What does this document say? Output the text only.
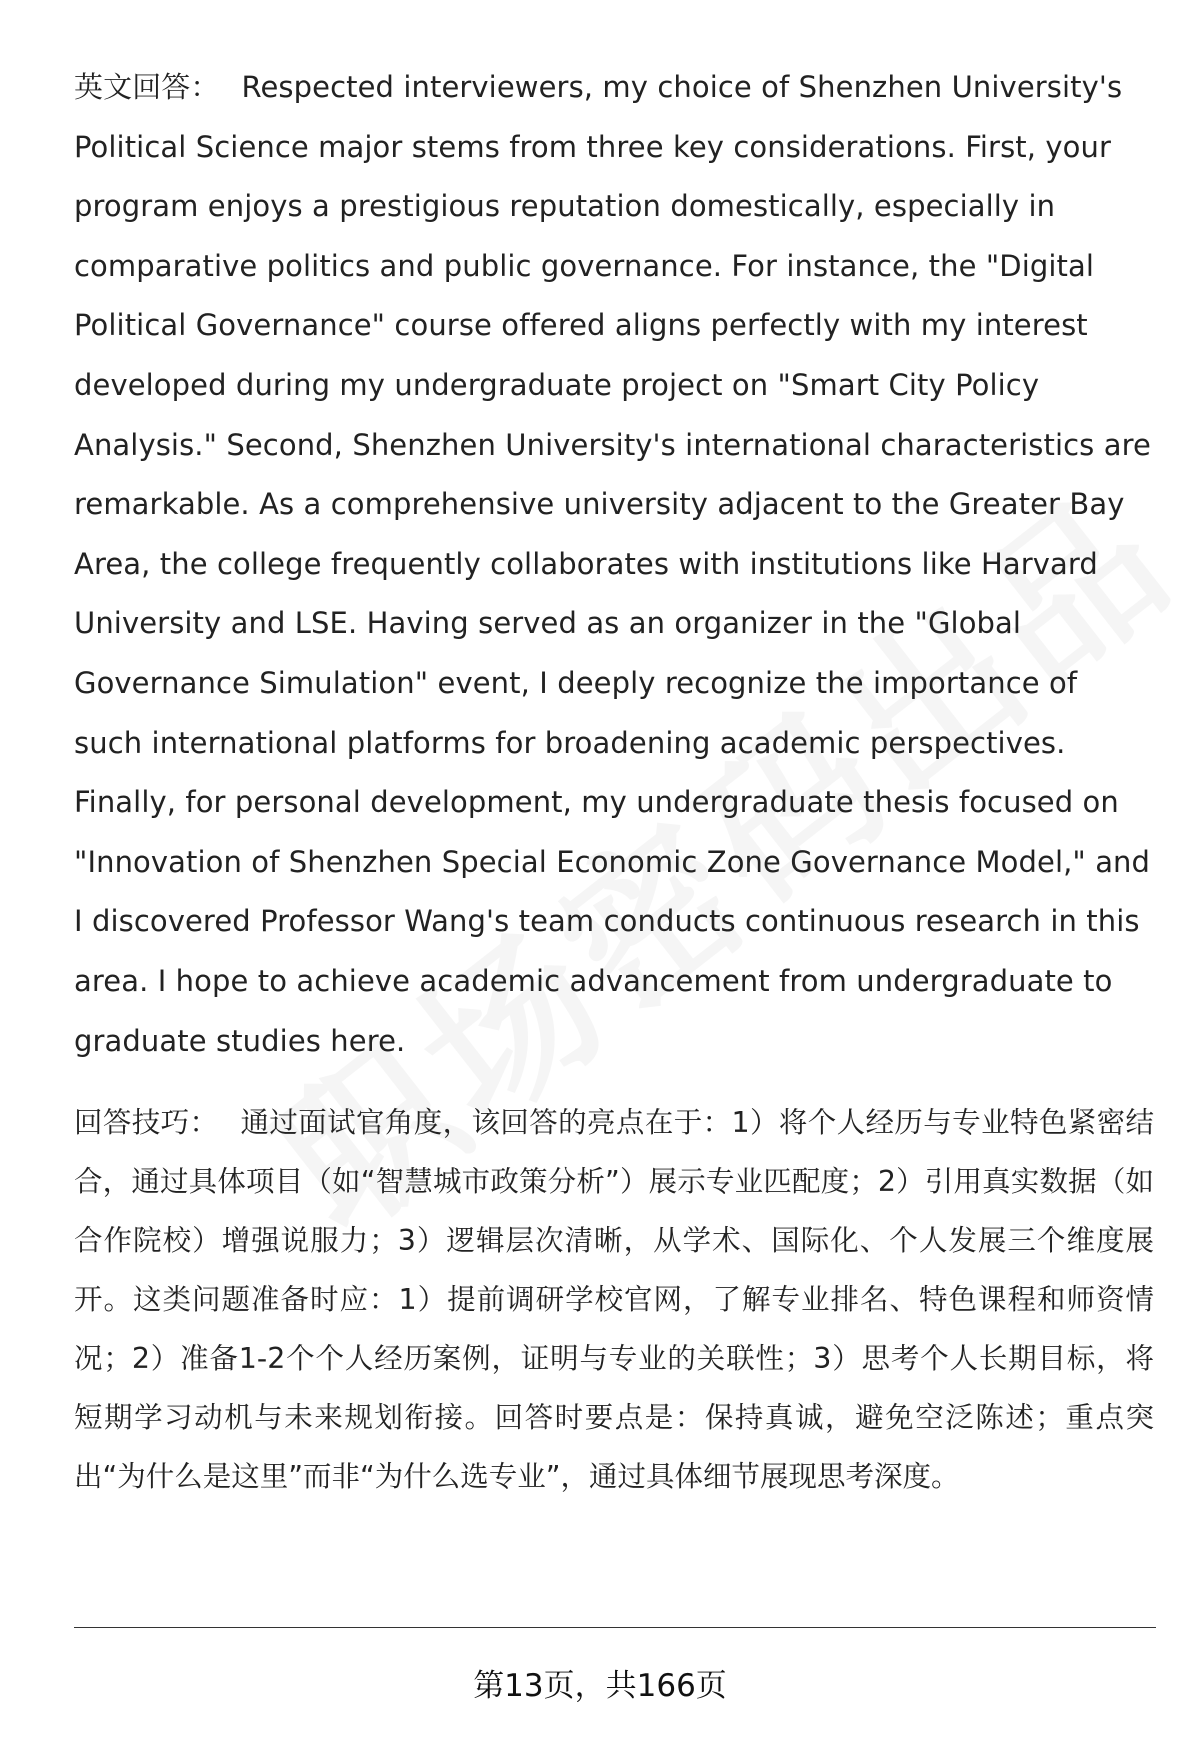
英文回答： Respected interviewers, my choice of Shenzhen University's Political Science major stems from three key considerations. First, your program enjoys a prestigious reputation domestically, especially in comparative politics and public governance. For instance, the "Digital Political Governance" course offered aligns perfectly with my interest developed during my undergraduate project on "Smart City Policy Analysis." Second, Shenzhen University's international characteristics are remarkable. As a comprehensive university adjacent to the Greater Bay Area, the college frequently collaborates with institutions like Harvard University and LSE. Having served as an organizer in the "Global Governance Simulation" event, I deeply recognize the importance of such international platforms for broadening academic perspectives. Finally, for personal development, my undergraduate thesis focused on "Innovation of Shenzhen Special Economic Zone Governance Model," and I discovered Professor Wang's team conducts continuous research in this area. I hope to achieve academic advancement from undergraduate to graduate studies here.

回答技巧： 通过面试官角度，该回答的亮点在于：1）将个人经历与专业特色紧密结合，通过具体项目（如“智慧城市政策分析”）展示专业匹配度；2）引用真实数据（如合作院校）增强说服力；3）逻辑层次清晰，从学术、国际化、个人发展三个维度展开。这类问题准备时应：1）提前调研学校官网，了解专业排名、特色课程和师资情况；2）准备1-2个个人经历案例，证明与专业的关联性；3）思考个人长期目标，将短期学习动机与未来规划衔接。回答时要点是：保持真诚，避免空泛陈述；重点突出“为什么是这里”而非“为什么选专业”，通过具体细节展现思考深度。

第13页，共166页
